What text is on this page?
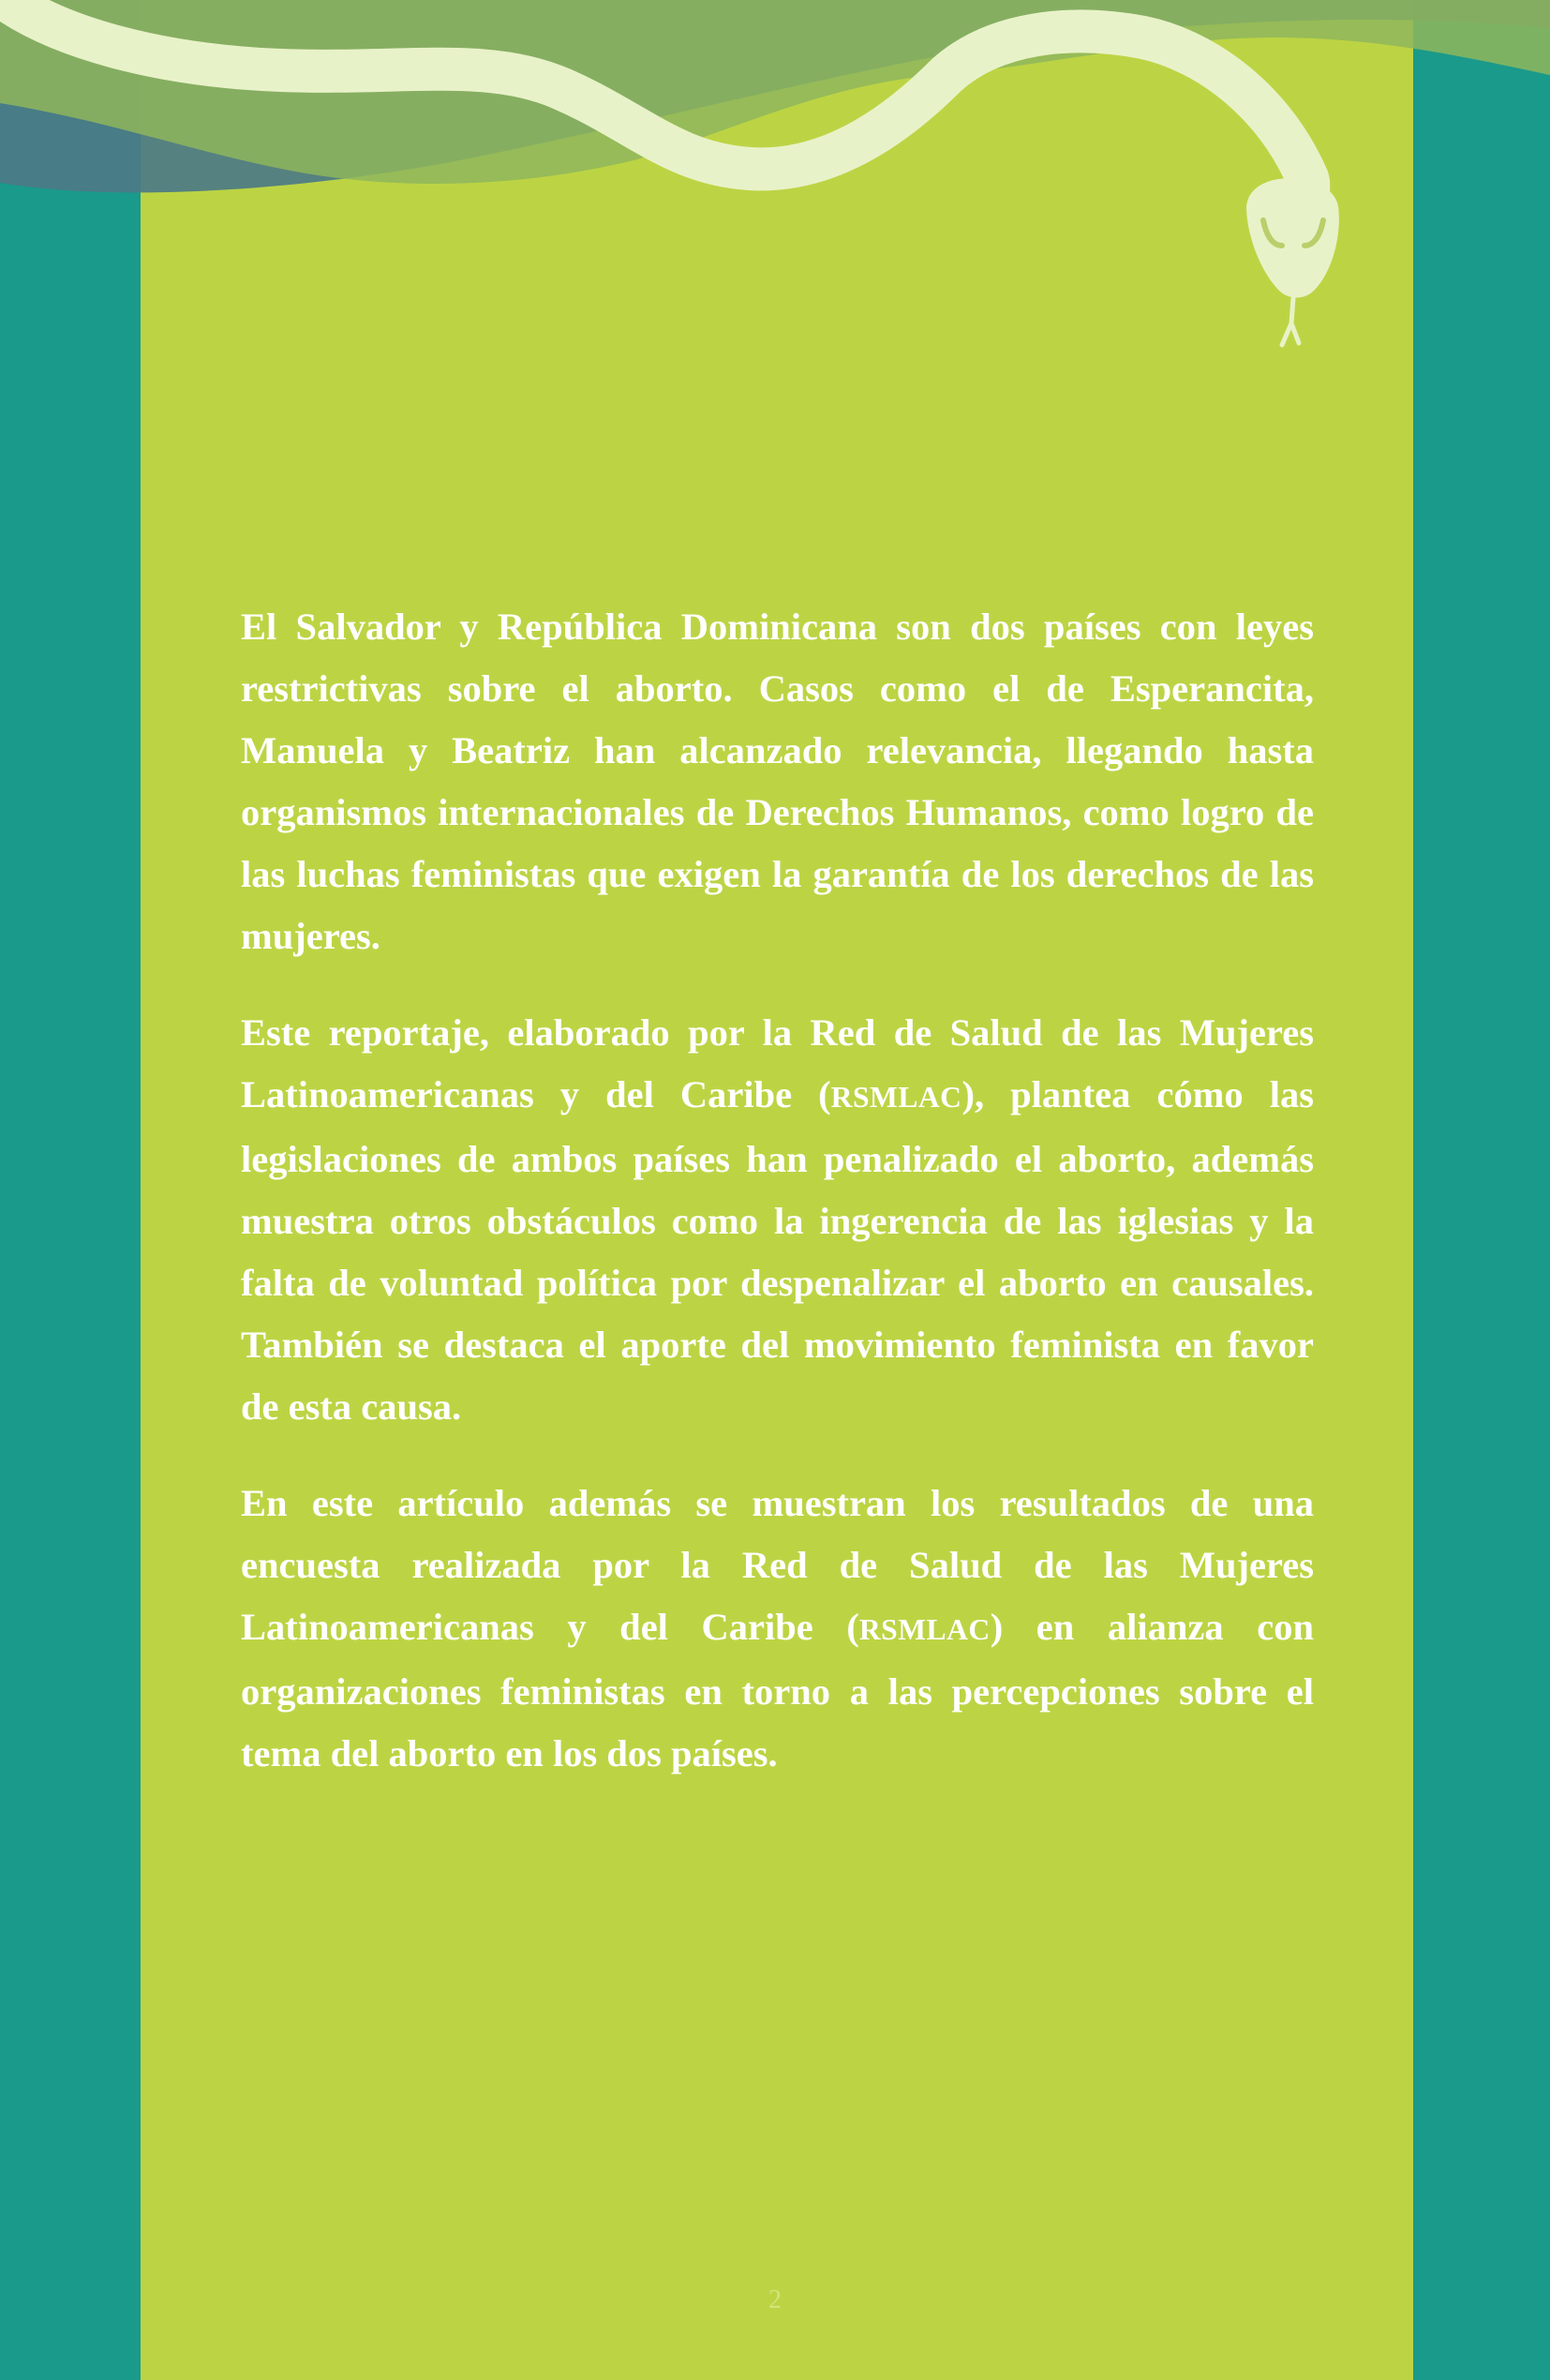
El Salvador y República Dominicana son dos países con leyes restrictivas sobre el aborto. Casos como el de Esperancita, Manuela y Beatriz han alcanzado relevancia, llegando hasta organismos internacionales de Derechos Humanos, como logro de las luchas feministas que exigen la garantía de los derechos de las mujeres.

Este reportaje, elaborado por la Red de Salud de las Mujeres Latinoamericanas y del Caribe (RSMLAC), plantea cómo las legislaciones de ambos países han penalizado el aborto, además muestra otros obstáculos como la ingerencia de las iglesias y la falta de voluntad política por despenalizar el aborto en causales. También se destaca el aporte del movimiento feminista en favor de esta causa.

En este artículo además se muestran los resultados de una encuesta realizada por la Red de Salud de las Mujeres Latinoamericanas y del Caribe (RSMLAC) en alianza con organizaciones feministas en torno a las percepciones sobre el tema del aborto en los dos países.

2
